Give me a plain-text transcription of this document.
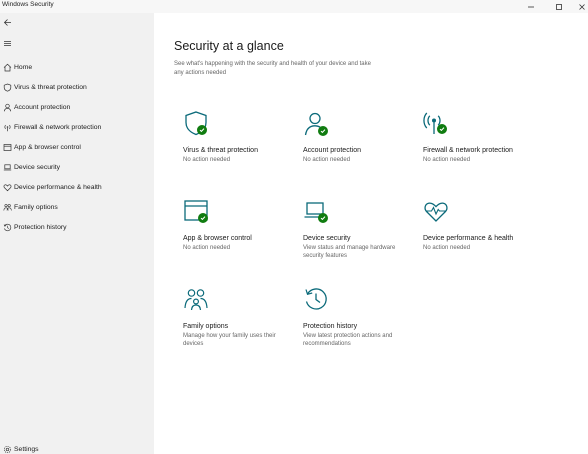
Windows Security
Home
Virus & threat protection
Account protection
Firewall & network protection
App & browser control
Device security
Device performance & health
Family options
Protection history
Settings
Security at a glance

See what's happening with the security and health of your device and take any actions needed

Virus & threat protection
No action needed
Account protection
No action needed
Firewall & network protection
No action needed
App & browser control
No action needed
Device security
View status and manage hardware security features
Device performance & health
No action needed
Family options
Manage how your family uses their devices
Protection history
View latest protection actions and recommendations
